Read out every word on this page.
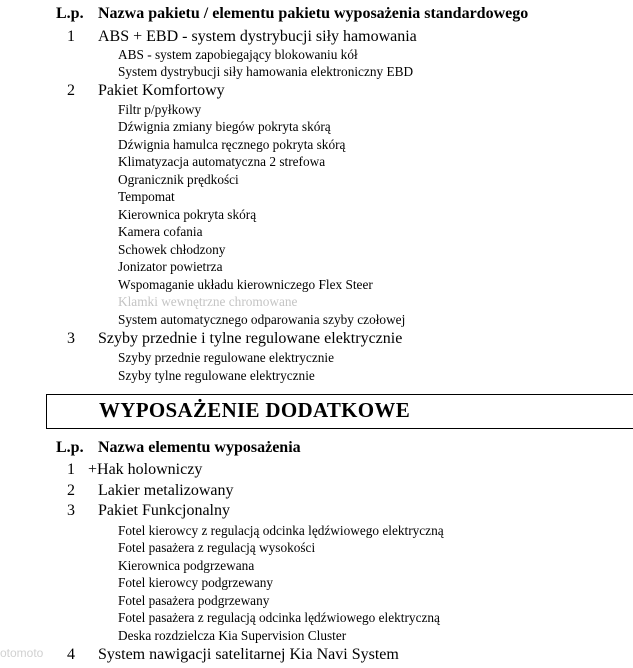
L.p. Nazwa pakietu / elementu pakietu wyposażenia standardowego
1 ABS + EBD - system dystrybucji siły hamowania
ABS - system zapobiegający blokowaniu kół
System dystrybucji siły hamowania elektroniczny EBD
2 Pakiet Komfortowy
Filtr p/pyłkowy
Dźwignia zmiany biegów pokryta skórą
Dźwignia hamulca ręcznego pokryta skórą
Klimatyzacja automatyczna 2 strefowa
Ogranicznik prędkości
Tempomat
Kierownica pokryta skórą
Kamera cofania
Schowek chłodzony
Jonizator powietrza
Wspomaganie układu kierowniczego Flex Steer
Klamki wewnętrzne chromowane
System automatycznego odparowania szyby czołowej
3 Szyby przednie i tylne regulowane elektrycznie
Szyby przednie regulowane elektrycznie
Szyby tylne regulowane elektrycznie
WYPOSAŻENIE DODATKOWE
L.p. Nazwa elementu wyposażenia
1 +Hak holowniczy
2 Lakier metalizowany
3 Pakiet Funkcjonalny
Fotel kierowcy z regulacją odcinka lędźwiowego elektryczną
Fotel pasażera z regulacją wysokości
Kierownica podgrzewana
Fotel kierowcy podgrzewany
Fotel pasażera podgrzewany
Fotel pasażera z regulacją odcinka lędźwiowego elektryczną
Deska rozdzielcza Kia Supervision Cluster
4 System nawigacji satelitarnej Kia Navi System
otomoto
